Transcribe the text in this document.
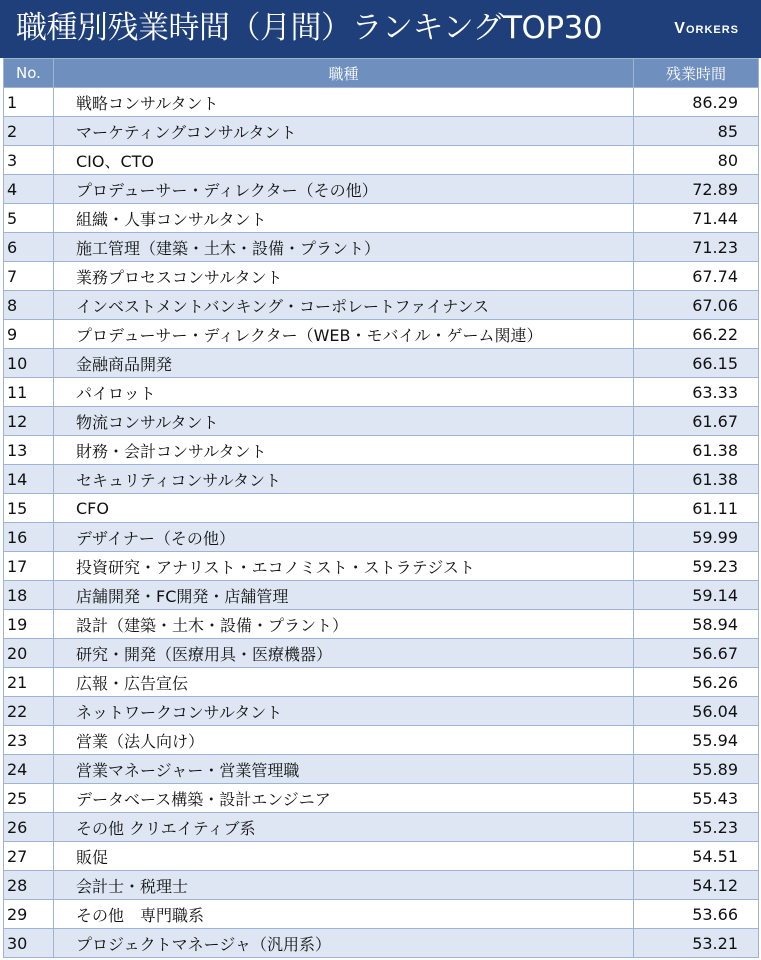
職種別残業時間（月間）ランキングTOP30	Vorkers
No.	職種	残業時間
1	戦略コンサルタント	86.29
2	マーケティングコンサルタント	85
3	CIO、CTO	80
4	プロデューサー・ディレクター（その他）	72.89
5	組織・人事コンサルタント	71.44
6	施工管理（建築・土木・設備・プラント）	71.23
7	業務プロセスコンサルタント	67.74
8	インベストメントバンキング・コーポレートファイナンス	67.06
9	プロデューサー・ディレクター（WEB・モバイル・ゲーム関連）	66.22
10	金融商品開発	66.15
11	パイロット	63.33
12	物流コンサルタント	61.67
13	財務・会計コンサルタント	61.38
14	セキュリティコンサルタント	61.38
15	CFO	61.11
16	デザイナー（その他）	59.99
17	投資研究・アナリスト・エコノミスト・ストラテジスト	59.23
18	店舗開発・FC開発・店舗管理	59.14
19	設計（建築・土木・設備・プラント）	58.94
20	研究・開発（医療用具・医療機器）	56.67
21	広報・広告宣伝	56.26
22	ネットワークコンサルタント	56.04
23	営業（法人向け）	55.94
24	営業マネージャー・営業管理職	55.89
25	データベース構築・設計エンジニア	55.43
26	その他 クリエイティブ系	55.23
27	販促	54.51
28	会計士・税理士	54.12
29	その他　専門職系	53.66
30	プロジェクトマネージャ（汎用系）	53.21
